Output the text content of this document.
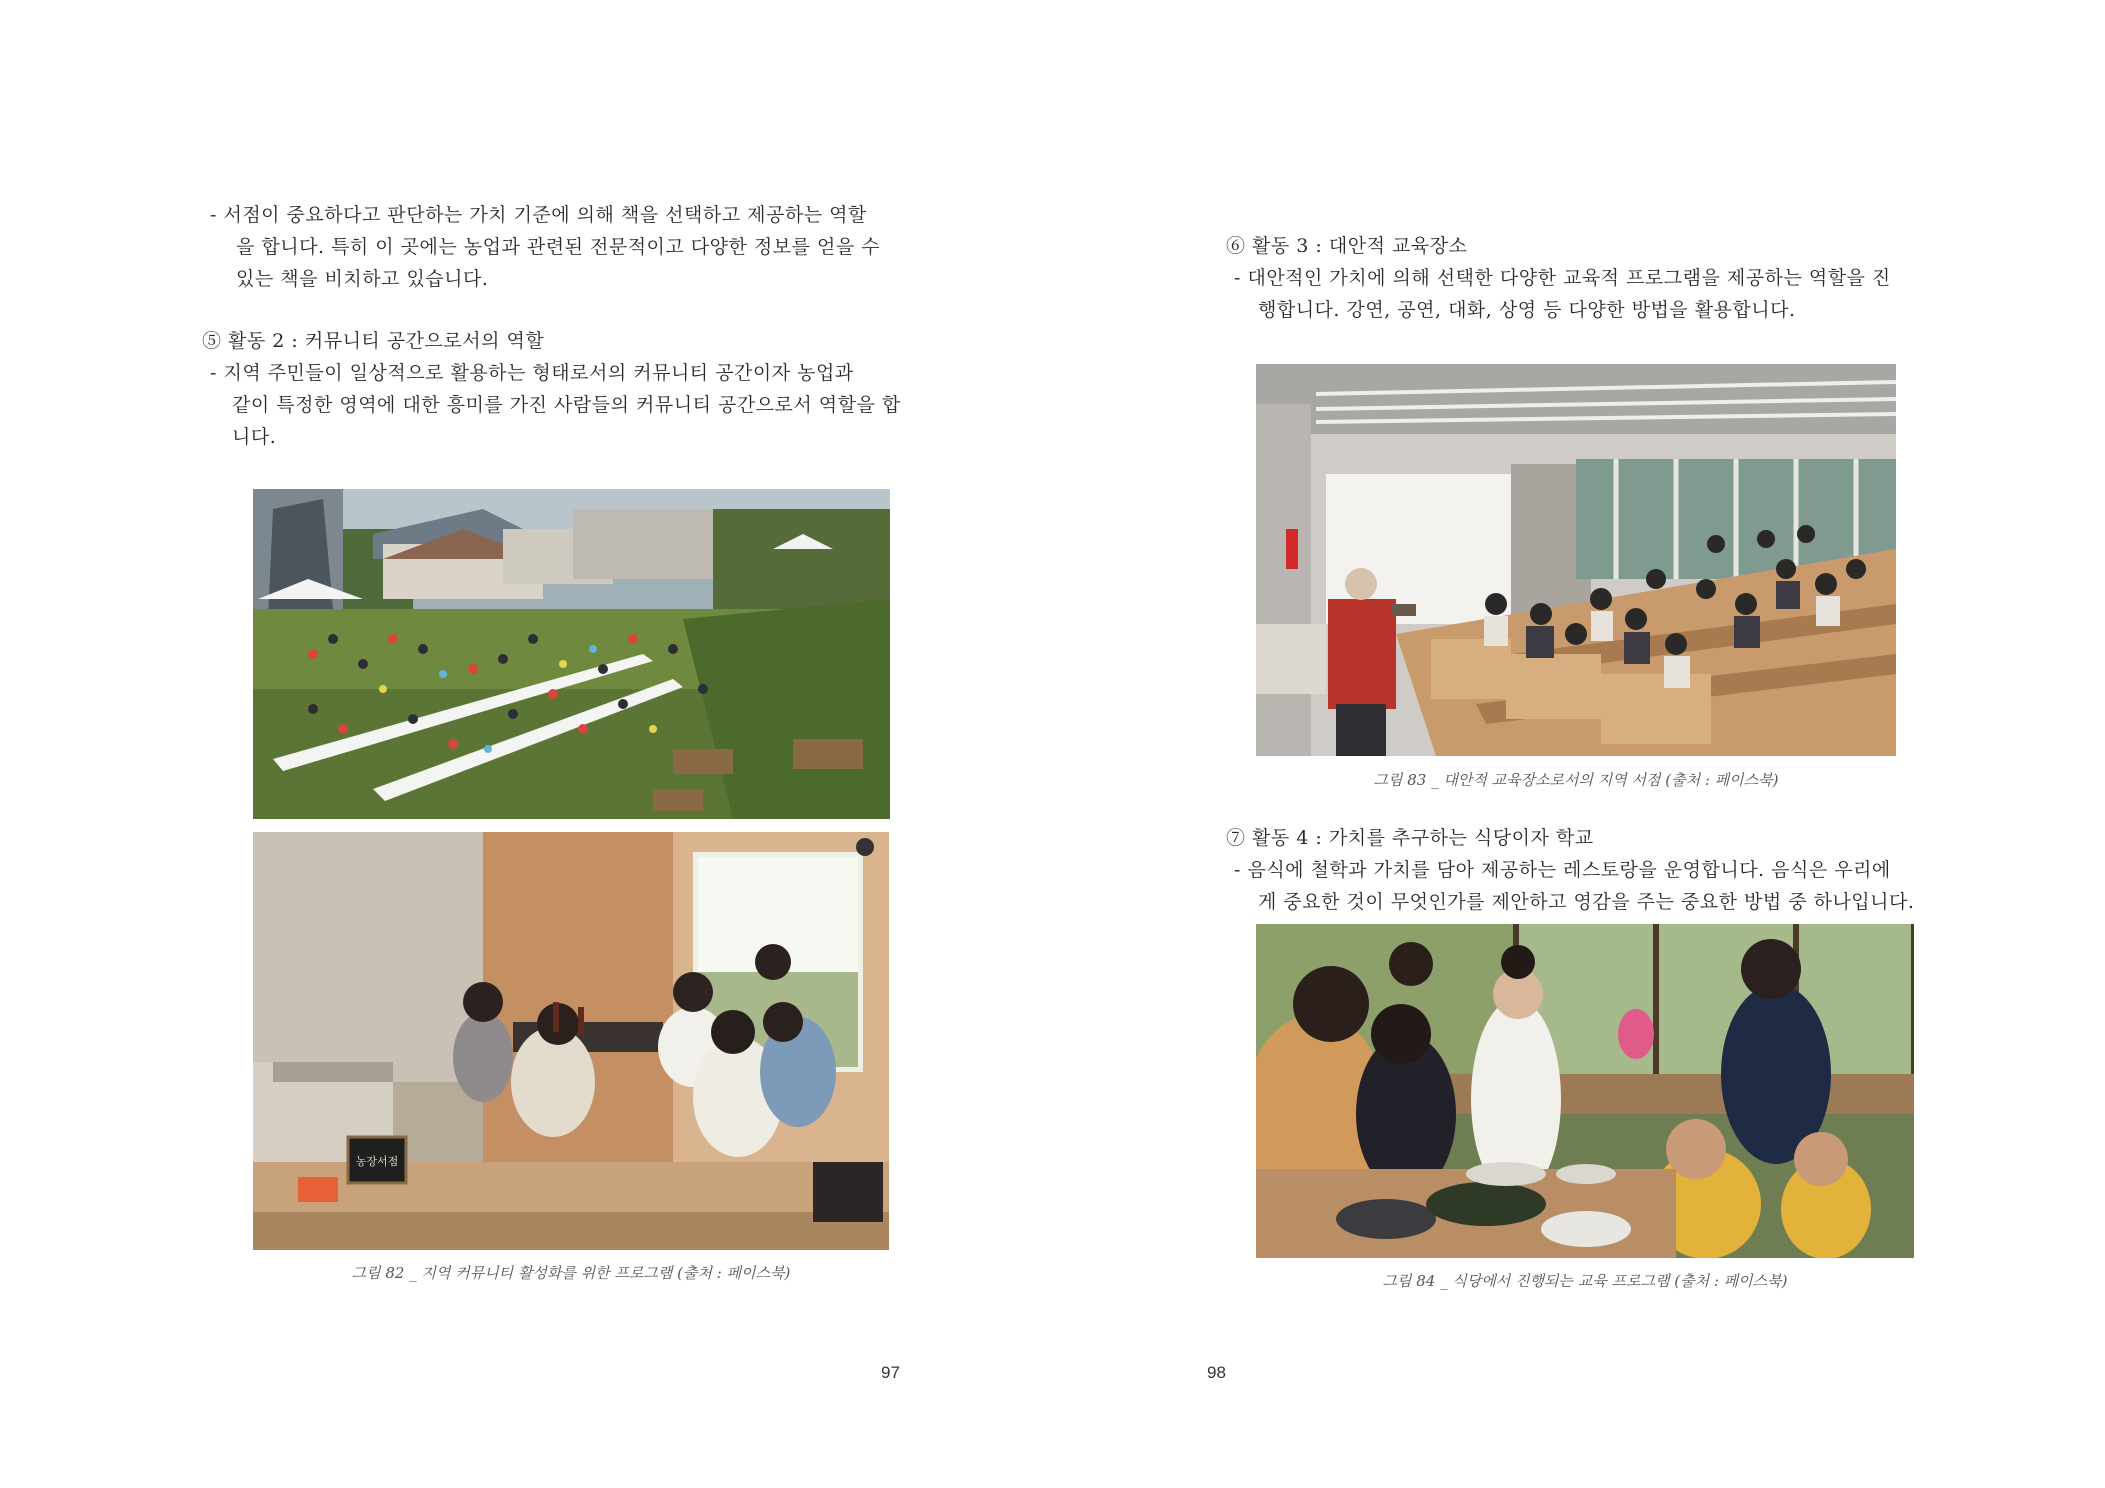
- 서점이 중요하다고 판단하는 가치 기준에 의해 책을 선택하고 제공하는 역할

을 합니다. 특히 이 곳에는 농업과 관련된 전문적이고 다양한 정보를 얻을 수

있는 책을 비치하고 있습니다.

⑤ 활동 2 : 커뮤니티 공간으로서의 역할

- 지역 주민들이 일상적으로 활용하는 형태로서의 커뮤니티 공간이자 농업과

같이 특정한 영역에 대한 흥미를 가진 사람들의 커뮤니티 공간으로서 역할을 합

니다.

농장서점
그림 82 _ 지역 커뮤니티 활성화를 위한 프로그램 (출처 : 페이스북)
97
⑥ 활동 3 : 대안적 교육장소

- 대안적인 가치에 의해 선택한 다양한 교육적 프로그램을 제공하는 역할을 진

행합니다. 강연, 공연, 대화, 상영 등 다양한 방법을 활용합니다.

그림 83 _ 대안적 교육장소로서의 지역 서점 (출처 : 페이스북)
⑦ 활동 4 : 가치를 추구하는 식당이자 학교

- 음식에 철학과 가치를 담아 제공하는 레스토랑을 운영합니다. 음식은 우리에

게 중요한 것이 무엇인가를 제안하고 영감을 주는 중요한 방법 중 하나입니다.

그림 84 _ 식당에서 진행되는 교육 프로그램 (출처 : 페이스북)
98
